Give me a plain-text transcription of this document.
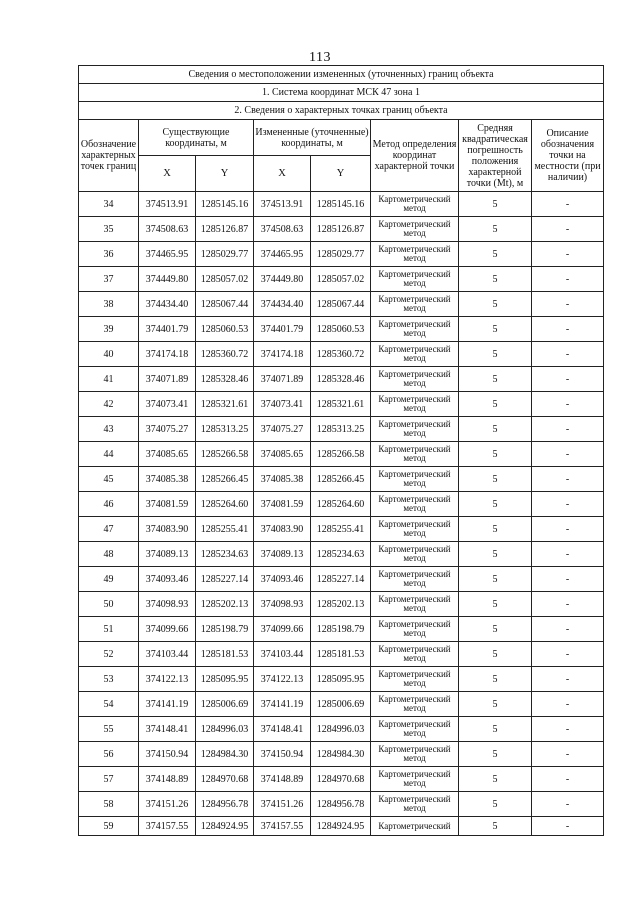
113
Сведения о местоположении измененных (уточненных) границ объекта							
1. Система координат МСК 47 зона 1							
2. Сведения о характерных точках границ объекта							
Обозначение характерных точек границ	Существующие координаты, м		Измененные (уточненные) координаты, м		Метод определения координат характерной точки	Средняя квадратическая погрешность положения характерной точки (Mt), м	Описание обозначения точки на местности (при наличии)
	X	Y	X	Y			
34	374513.91	1285145.16	374513.91	1285145.16	Картометрический метод	5	-
35	374508.63	1285126.87	374508.63	1285126.87	Картометрический метод	5	-
36	374465.95	1285029.77	374465.95	1285029.77	Картометрический метод	5	-
37	374449.80	1285057.02	374449.80	1285057.02	Картометрический метод	5	-
38	374434.40	1285067.44	374434.40	1285067.44	Картометрический метод	5	-
39	374401.79	1285060.53	374401.79	1285060.53	Картометрический метод	5	-
40	374174.18	1285360.72	374174.18	1285360.72	Картометрический метод	5	-
41	374071.89	1285328.46	374071.89	1285328.46	Картометрический метод	5	-
42	374073.41	1285321.61	374073.41	1285321.61	Картометрический метод	5	-
43	374075.27	1285313.25	374075.27	1285313.25	Картометрический метод	5	-
44	374085.65	1285266.58	374085.65	1285266.58	Картометрический метод	5	-
45	374085.38	1285266.45	374085.38	1285266.45	Картометрический метод	5	-
46	374081.59	1285264.60	374081.59	1285264.60	Картометрический метод	5	-
47	374083.90	1285255.41	374083.90	1285255.41	Картометрический метод	5	-
48	374089.13	1285234.63	374089.13	1285234.63	Картометрический метод	5	-
49	374093.46	1285227.14	374093.46	1285227.14	Картометрический метод	5	-
50	374098.93	1285202.13	374098.93	1285202.13	Картометрический метод	5	-
51	374099.66	1285198.79	374099.66	1285198.79	Картометрический метод	5	-
52	374103.44	1285181.53	374103.44	1285181.53	Картометрический метод	5	-
53	374122.13	1285095.95	374122.13	1285095.95	Картометрический метод	5	-
54	374141.19	1285006.69	374141.19	1285006.69	Картометрический метод	5	-
55	374148.41	1284996.03	374148.41	1284996.03	Картометрический метод	5	-
56	374150.94	1284984.30	374150.94	1284984.30	Картометрический метод	5	-
57	374148.89	1284970.68	374148.89	1284970.68	Картометрический метод	5	-
58	374151.26	1284956.78	374151.26	1284956.78	Картометрический метод	5	-
59	374157.55	1284924.95	374157.55	1284924.95	Картометрический	5	-
